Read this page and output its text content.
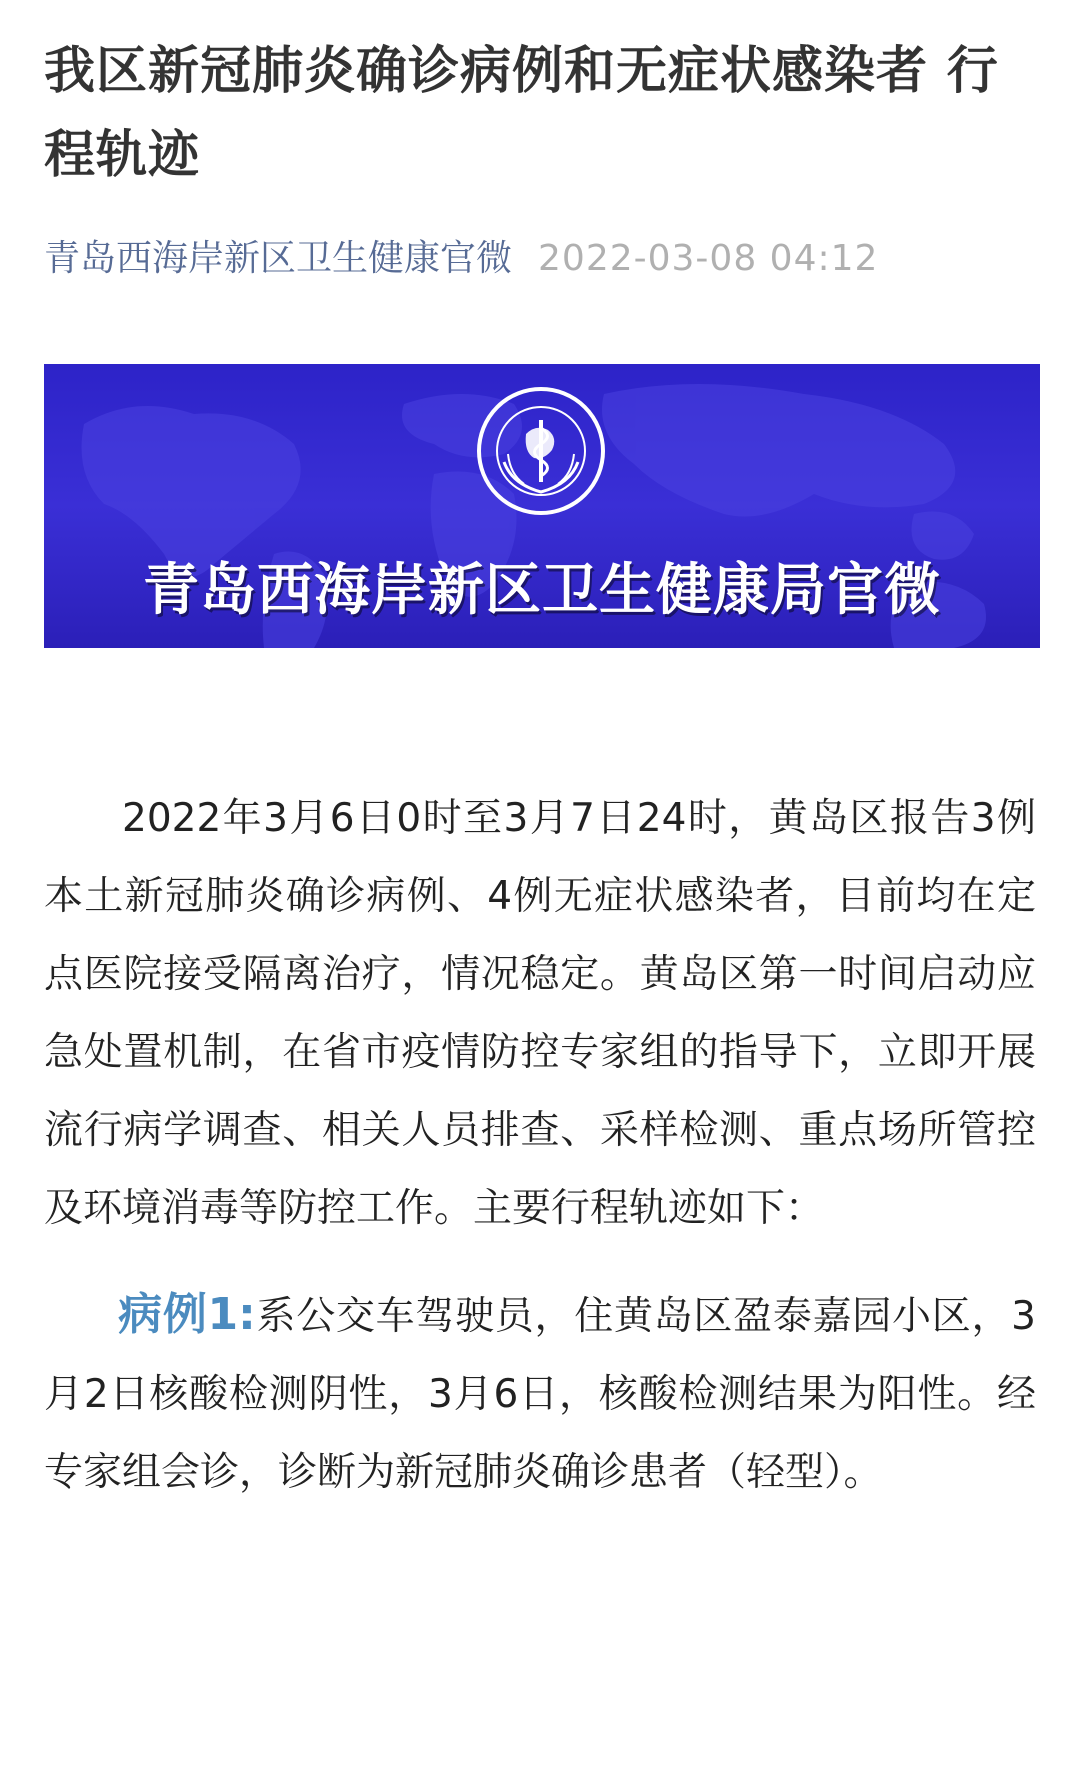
我区新冠肺炎确诊病例和无症状感染者 行程轨迹
青岛西海岸新区卫生健康官微 2022-03-08 04:12
青岛西海岸新区卫生健康局官微

2022年3月6日0时至3月7日24时，黄岛区报告3例本土新冠肺炎确诊病例、4例无症状感染者，目前均在定点医院接受隔离治疗，情况稳定。黄岛区第一时间启动应急处置机制，在省市疫情防控专家组的指导下，立即开展流行病学调查、相关人员排查、采样检测、重点场所管控及环境消毒等防控工作。主要行程轨迹如下：

病例1:系公交车驾驶员，住黄岛区盈泰嘉园小区，3月2日核酸检测阴性，3月6日，核酸检测结果为阳性。经专家组会诊，诊断为新冠肺炎确诊患者（轻型）。
